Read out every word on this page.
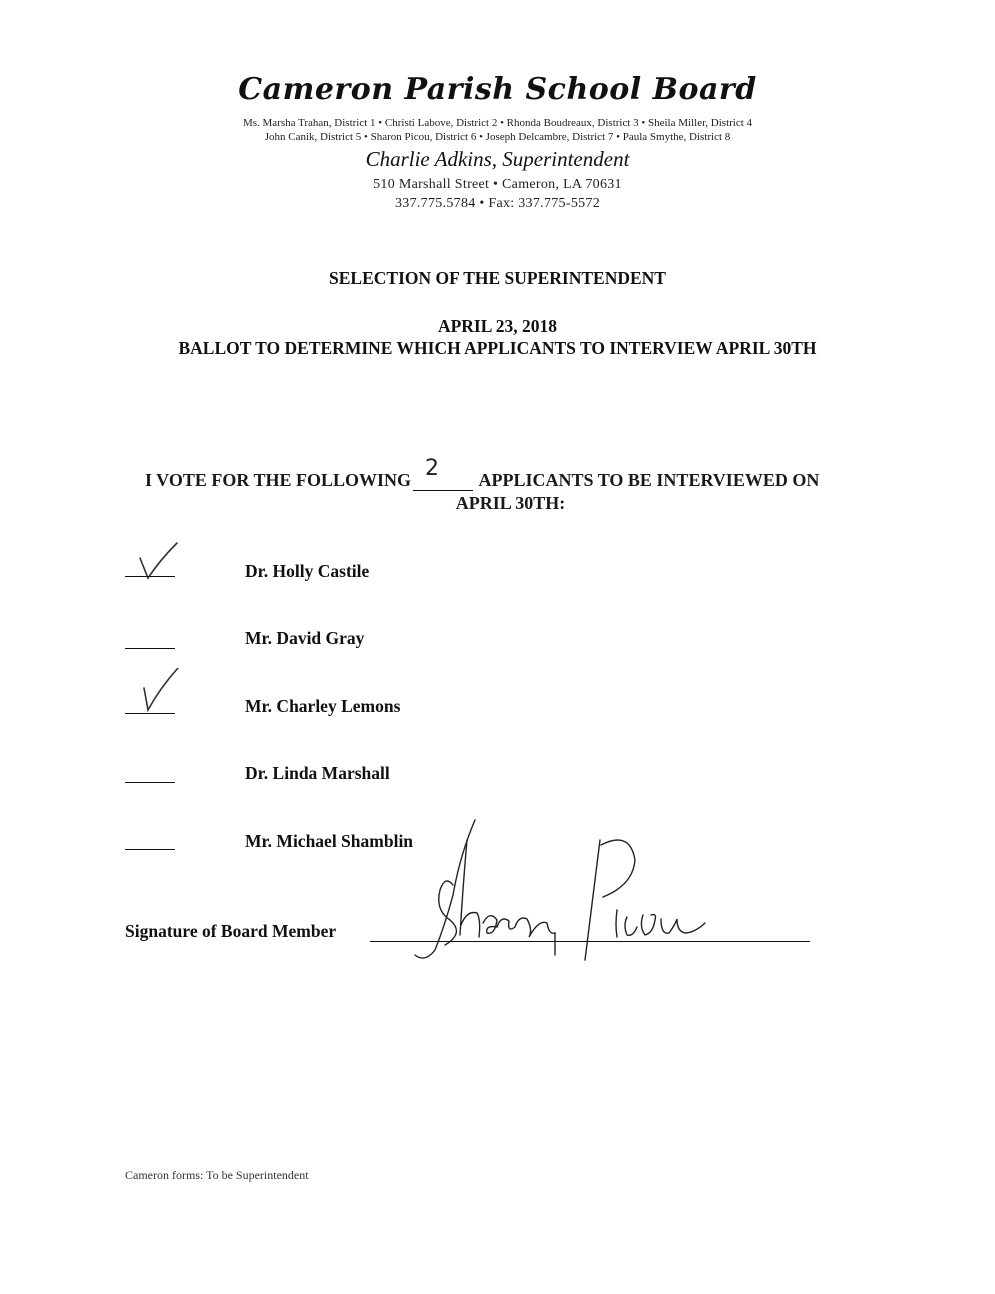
Cameron Parish School Board
Ms. Marsha Trahan, District 1 • Christi Labove, District 2 • Rhonda Boudreaux, District 3 • Sheila Miller, District 4
John Canik, District 5 • Sharon Picou, District 6 • Joseph Delcambre, District 7 • Paula Smythe, District 8
Charlie Adkins, Superintendent
510 Marshall Street • Cameron, LA 70631
337.775.5784 • Fax: 337.775-5572
SELECTION OF THE SUPERINTENDENT
APRIL 23, 2018
BALLOT TO DETERMINE WHICH APPLICANTS TO INTERVIEW APRIL 30TH
I VOTE FOR THE FOLLOWING 2 APPLICANTS TO BE INTERVIEWED ON
APRIL 30TH:
Dr. Holly Castile
Mr. David Gray
Mr. Charley Lemons
Dr. Linda Marshall
Mr. Michael Shamblin
Signature of Board Member
Cameron forms: To be Superintendent
